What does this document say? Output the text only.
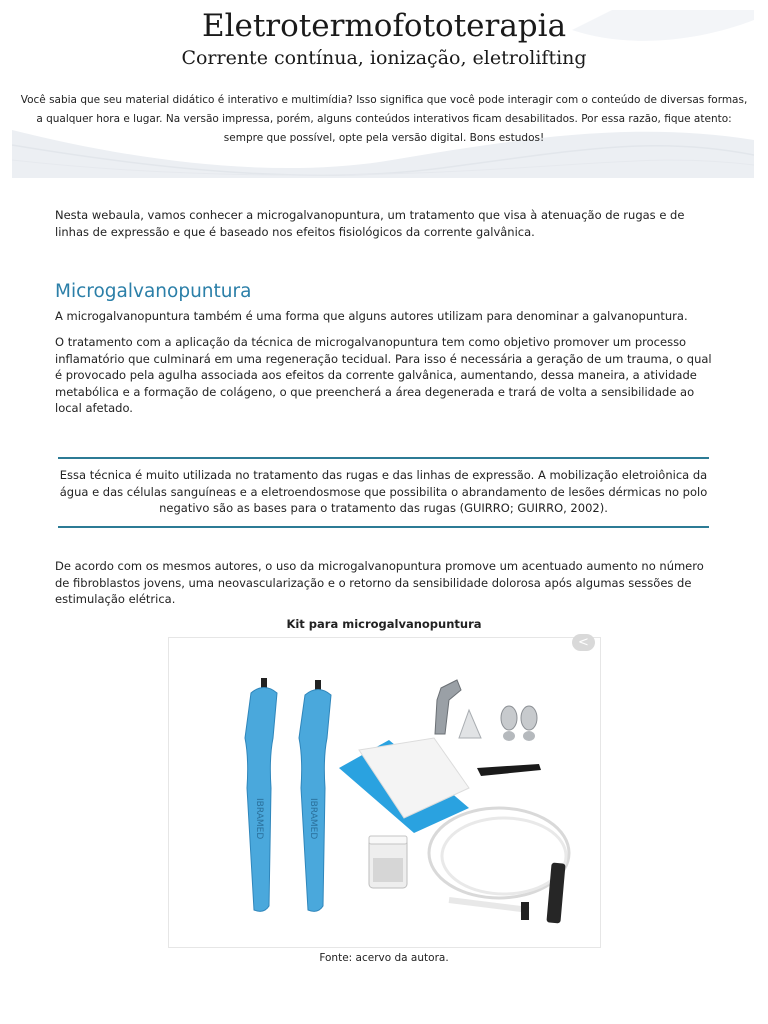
Eletrotermofototerapia
Corrente contínua, ionização, eletrolifting

Você sabia que seu material didático é interativo e multimídia? Isso significa que você pode interagir com o conteúdo de diversas formas, a qualquer hora e lugar. Na versão impressa, porém, alguns conteúdos interativos ficam desabilitados. Por essa razão, fique atento: sempre que possível, opte pela versão digital. Bons estudos!

Nesta webaula, vamos conhecer a microgalvanopuntura, um tratamento que visa à atenuação de rugas e de linhas de expressão e que é baseado nos efeitos fisiológicos da corrente galvânica.

Microgalvanopuntura

A microgalvanopuntura também é uma forma que alguns autores utilizam para denominar a galvanopuntura.

O tratamento com a aplicação da técnica de microgalvanopuntura tem como objetivo promover um processo inflamatório que culminará em uma regeneração tecidual. Para isso é necessária a geração de um trauma, o qual é provocado pela agulha associada aos efeitos da corrente galvânica, aumentando, dessa maneira, a atividade metabólica e a formação de colágeno, o que preencherá a área degenerada e trará de volta a sensibilidade ao local afetado.

Essa técnica é muito utilizada no tratamento das rugas e das linhas de expressão. A mobilização eletroiônica da água e das células sanguíneas e a eletroendosmose que possibilita o abrandamento de lesões dérmicas no polo negativo são as bases para o tratamento das rugas (GUIRRO; GUIRRO, 2002).

De acordo com os mesmos autores, o uso da microgalvanopuntura promove um acentuado aumento no número de fibroblastos jovens, uma neovascularização e o retorno da sensibilidade dolorosa após algumas sessões de estimulação elétrica.

Kit para microgalvanopuntura

IBRAMED	IBRAMED
<

Fonte: acervo da autora.
